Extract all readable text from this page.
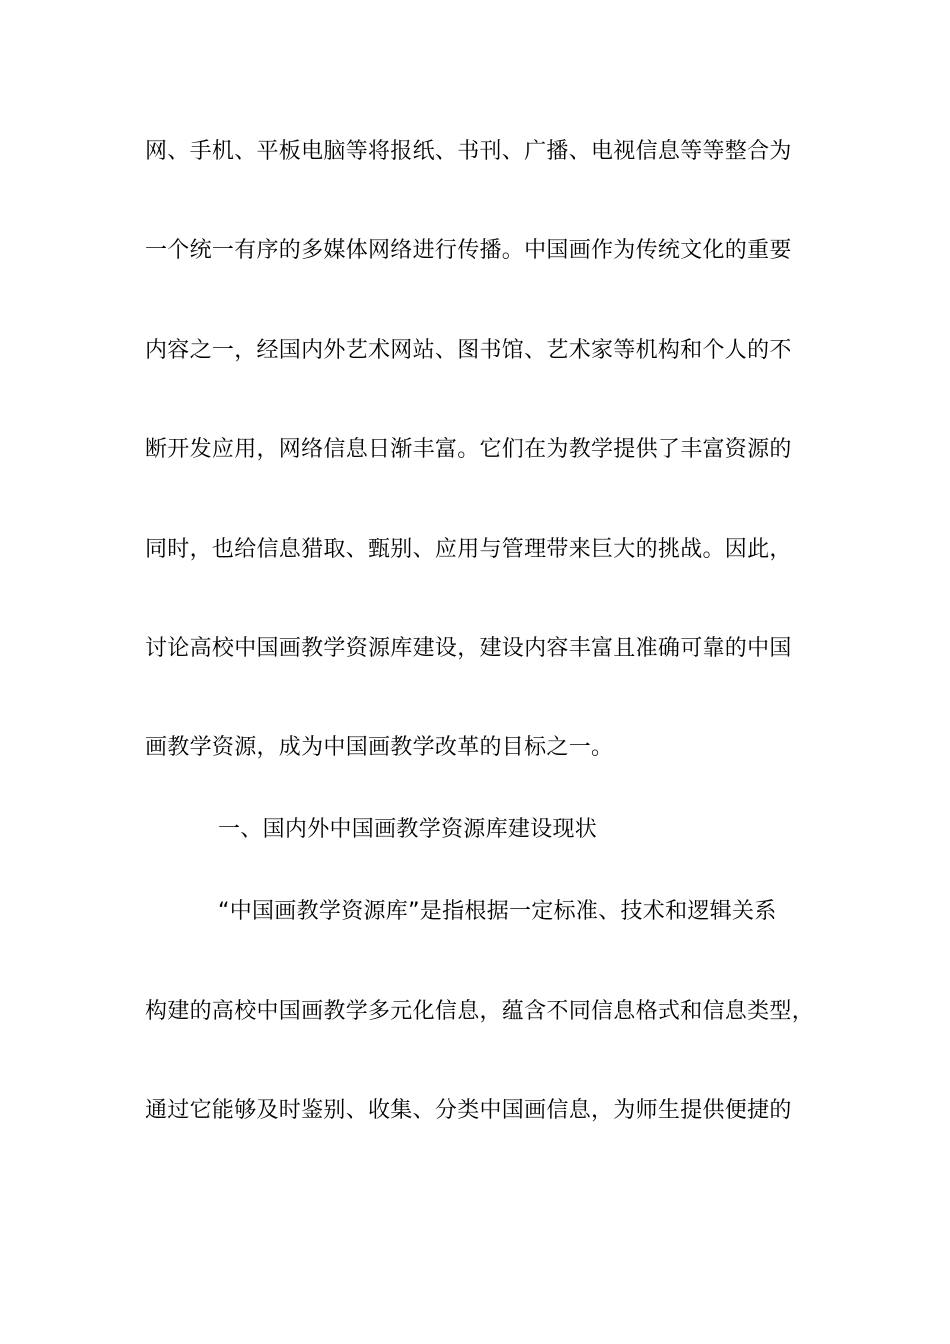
网、手机、平板电脑等将报纸、书刊、广播、电视信息等等整合为
一个统一有序的多媒体网络进行传播。中国画作为传统文化的重要
内容之一，经国内外艺术网站、图书馆、艺术家等机构和个人的不
断开发应用，网络信息日渐丰富。它们在为教学提供了丰富资源的
同时，也给信息猎取、甄别、应用与管理带来巨大的挑战。因此，
讨论高校中国画教学资源库建设，建设内容丰富且准确可靠的中国
画教学资源，成为中国画教学改革的目标之一。
一、国内外中国画教学资源库建设现状
“中国画教学资源库”是指根据一定标准、技术和逻辑关系
构建的高校中国画教学多元化信息，蕴含不同信息格式和信息类型，
通过它能够及时鉴别、收集、分类中国画信息，为师生提供便捷的
